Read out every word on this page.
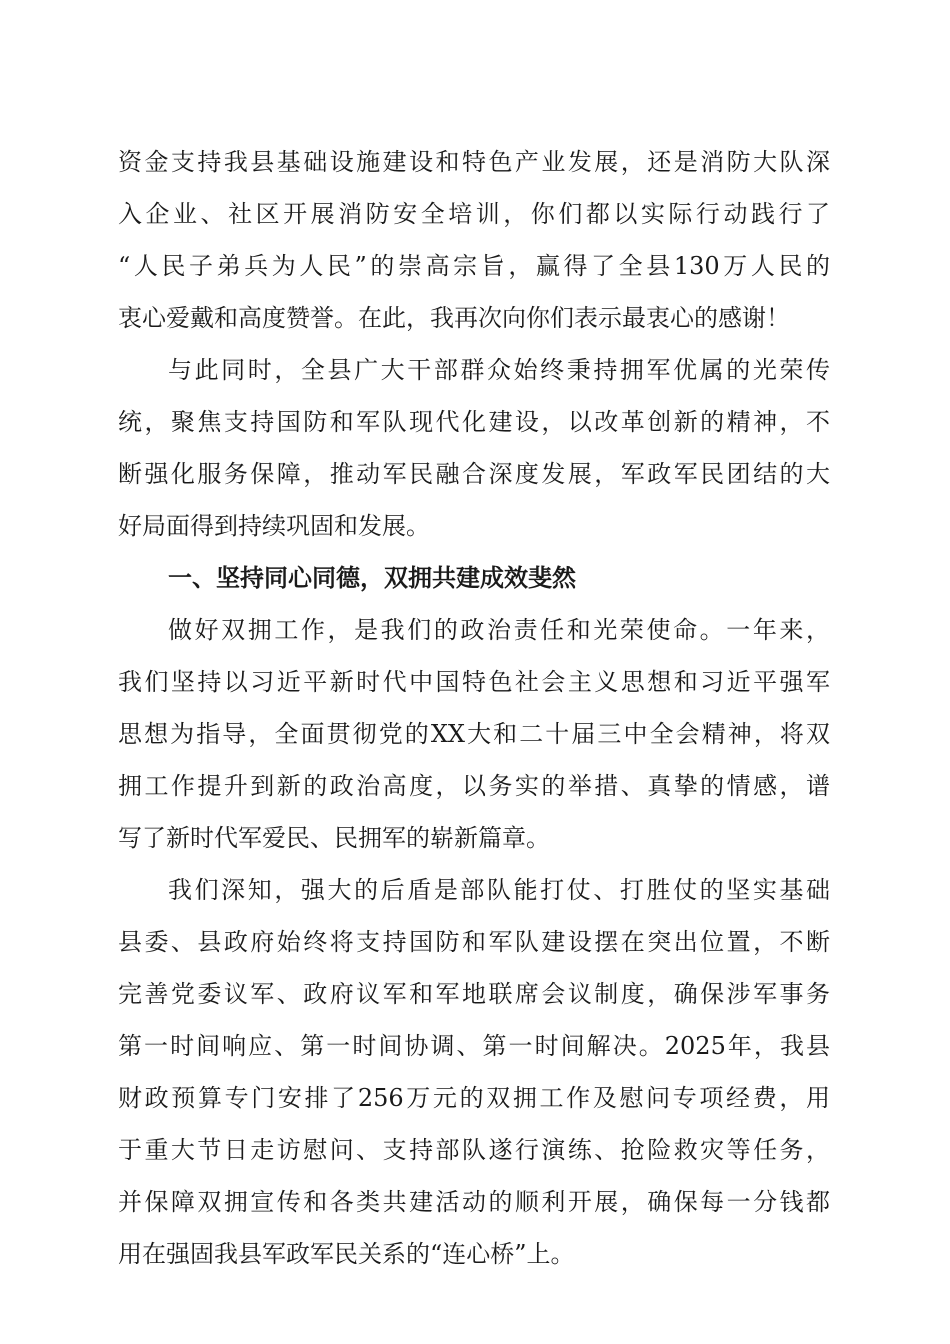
资金支持我县基础设施建设和特色产业发展，还是消防大队深
入企业、社区开展消防安全培训，你们都以实际行动践行了
“人民子弟兵为人民”的崇高宗旨，赢得了全县130万人民的
衷心爱戴和高度赞誉。在此，我再次向你们表示最衷心的感谢！
与此同时，全县广大干部群众始终秉持拥军优属的光荣传
统，聚焦支持国防和军队现代化建设，以改革创新的精神，不
断强化服务保障，推动军民融合深度发展，军政军民团结的大
好局面得到持续巩固和发展。
一、坚持同心同德，双拥共建成效斐然
做好双拥工作，是我们的政治责任和光荣使命。一年来，
我们坚持以习近平新时代中国特色社会主义思想和习近平强军
思想为指导，全面贯彻党的XX大和二十届三中全会精神，将双
拥工作提升到新的政治高度，以务实的举措、真挚的情感，谱
写了新时代军爱民、民拥军的崭新篇章。
我们深知，强大的后盾是部队能打仗、打胜仗的坚实基础
县委、县政府始终将支持国防和军队建设摆在突出位置，不断
完善党委议军、政府议军和军地联席会议制度，确保涉军事务
第一时间响应、第一时间协调、第一时间解决。2025年，我县
财政预算专门安排了256万元的双拥工作及慰问专项经费，用
于重大节日走访慰问、支持部队遂行演练、抢险救灾等任务，
并保障双拥宣传和各类共建活动的顺利开展，确保每一分钱都
用在强固我县军政军民关系的“连心桥”上。
